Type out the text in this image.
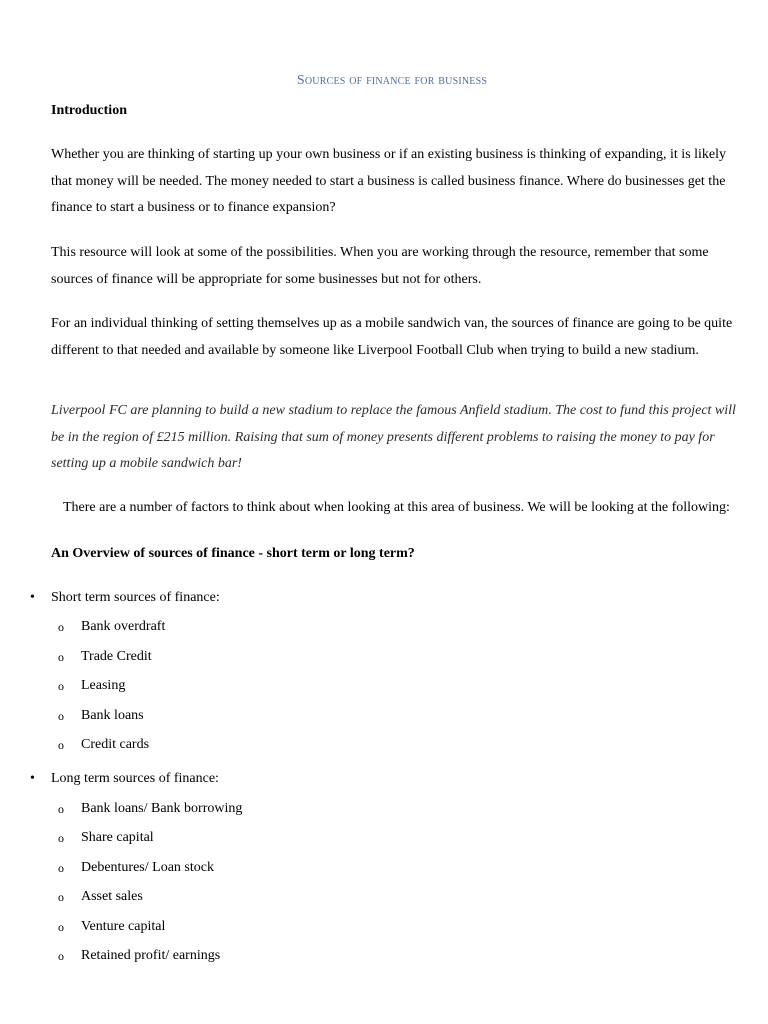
Sources of finance for business
Introduction
Whether you are thinking of starting up your own business or if an existing business is thinking of expanding, it is likely that money will be needed. The money needed to start a business is called business finance. Where do businesses get the finance to start a business or to finance expansion?
This resource will look at some of the possibilities. When you are working through the resource, remember that some sources of finance will be appropriate for some businesses but not for others.
For an individual thinking of setting themselves up as a mobile sandwich van, the sources of finance are going to be quite different to that needed and available by someone like Liverpool Football Club when trying to build a new stadium.
Liverpool FC are planning to build a new stadium to replace the famous Anfield stadium. The cost to fund this project will be in the region of £215 million. Raising that sum of money presents different problems to raising the money to pay for setting up a mobile sandwich bar!
There are a number of factors to think about when looking at this area of business. We will be looking at the following:
An Overview of sources of finance - short term or long term?
• Short term sources of finance:
o Bank overdraft
o Trade Credit
o Leasing
o Bank loans
o Credit cards
• Long term sources of finance:
o Bank loans/ Bank borrowing
o Share capital
o Debentures/ Loan stock
o Asset sales
o Venture capital
o Retained profit/ earnings
